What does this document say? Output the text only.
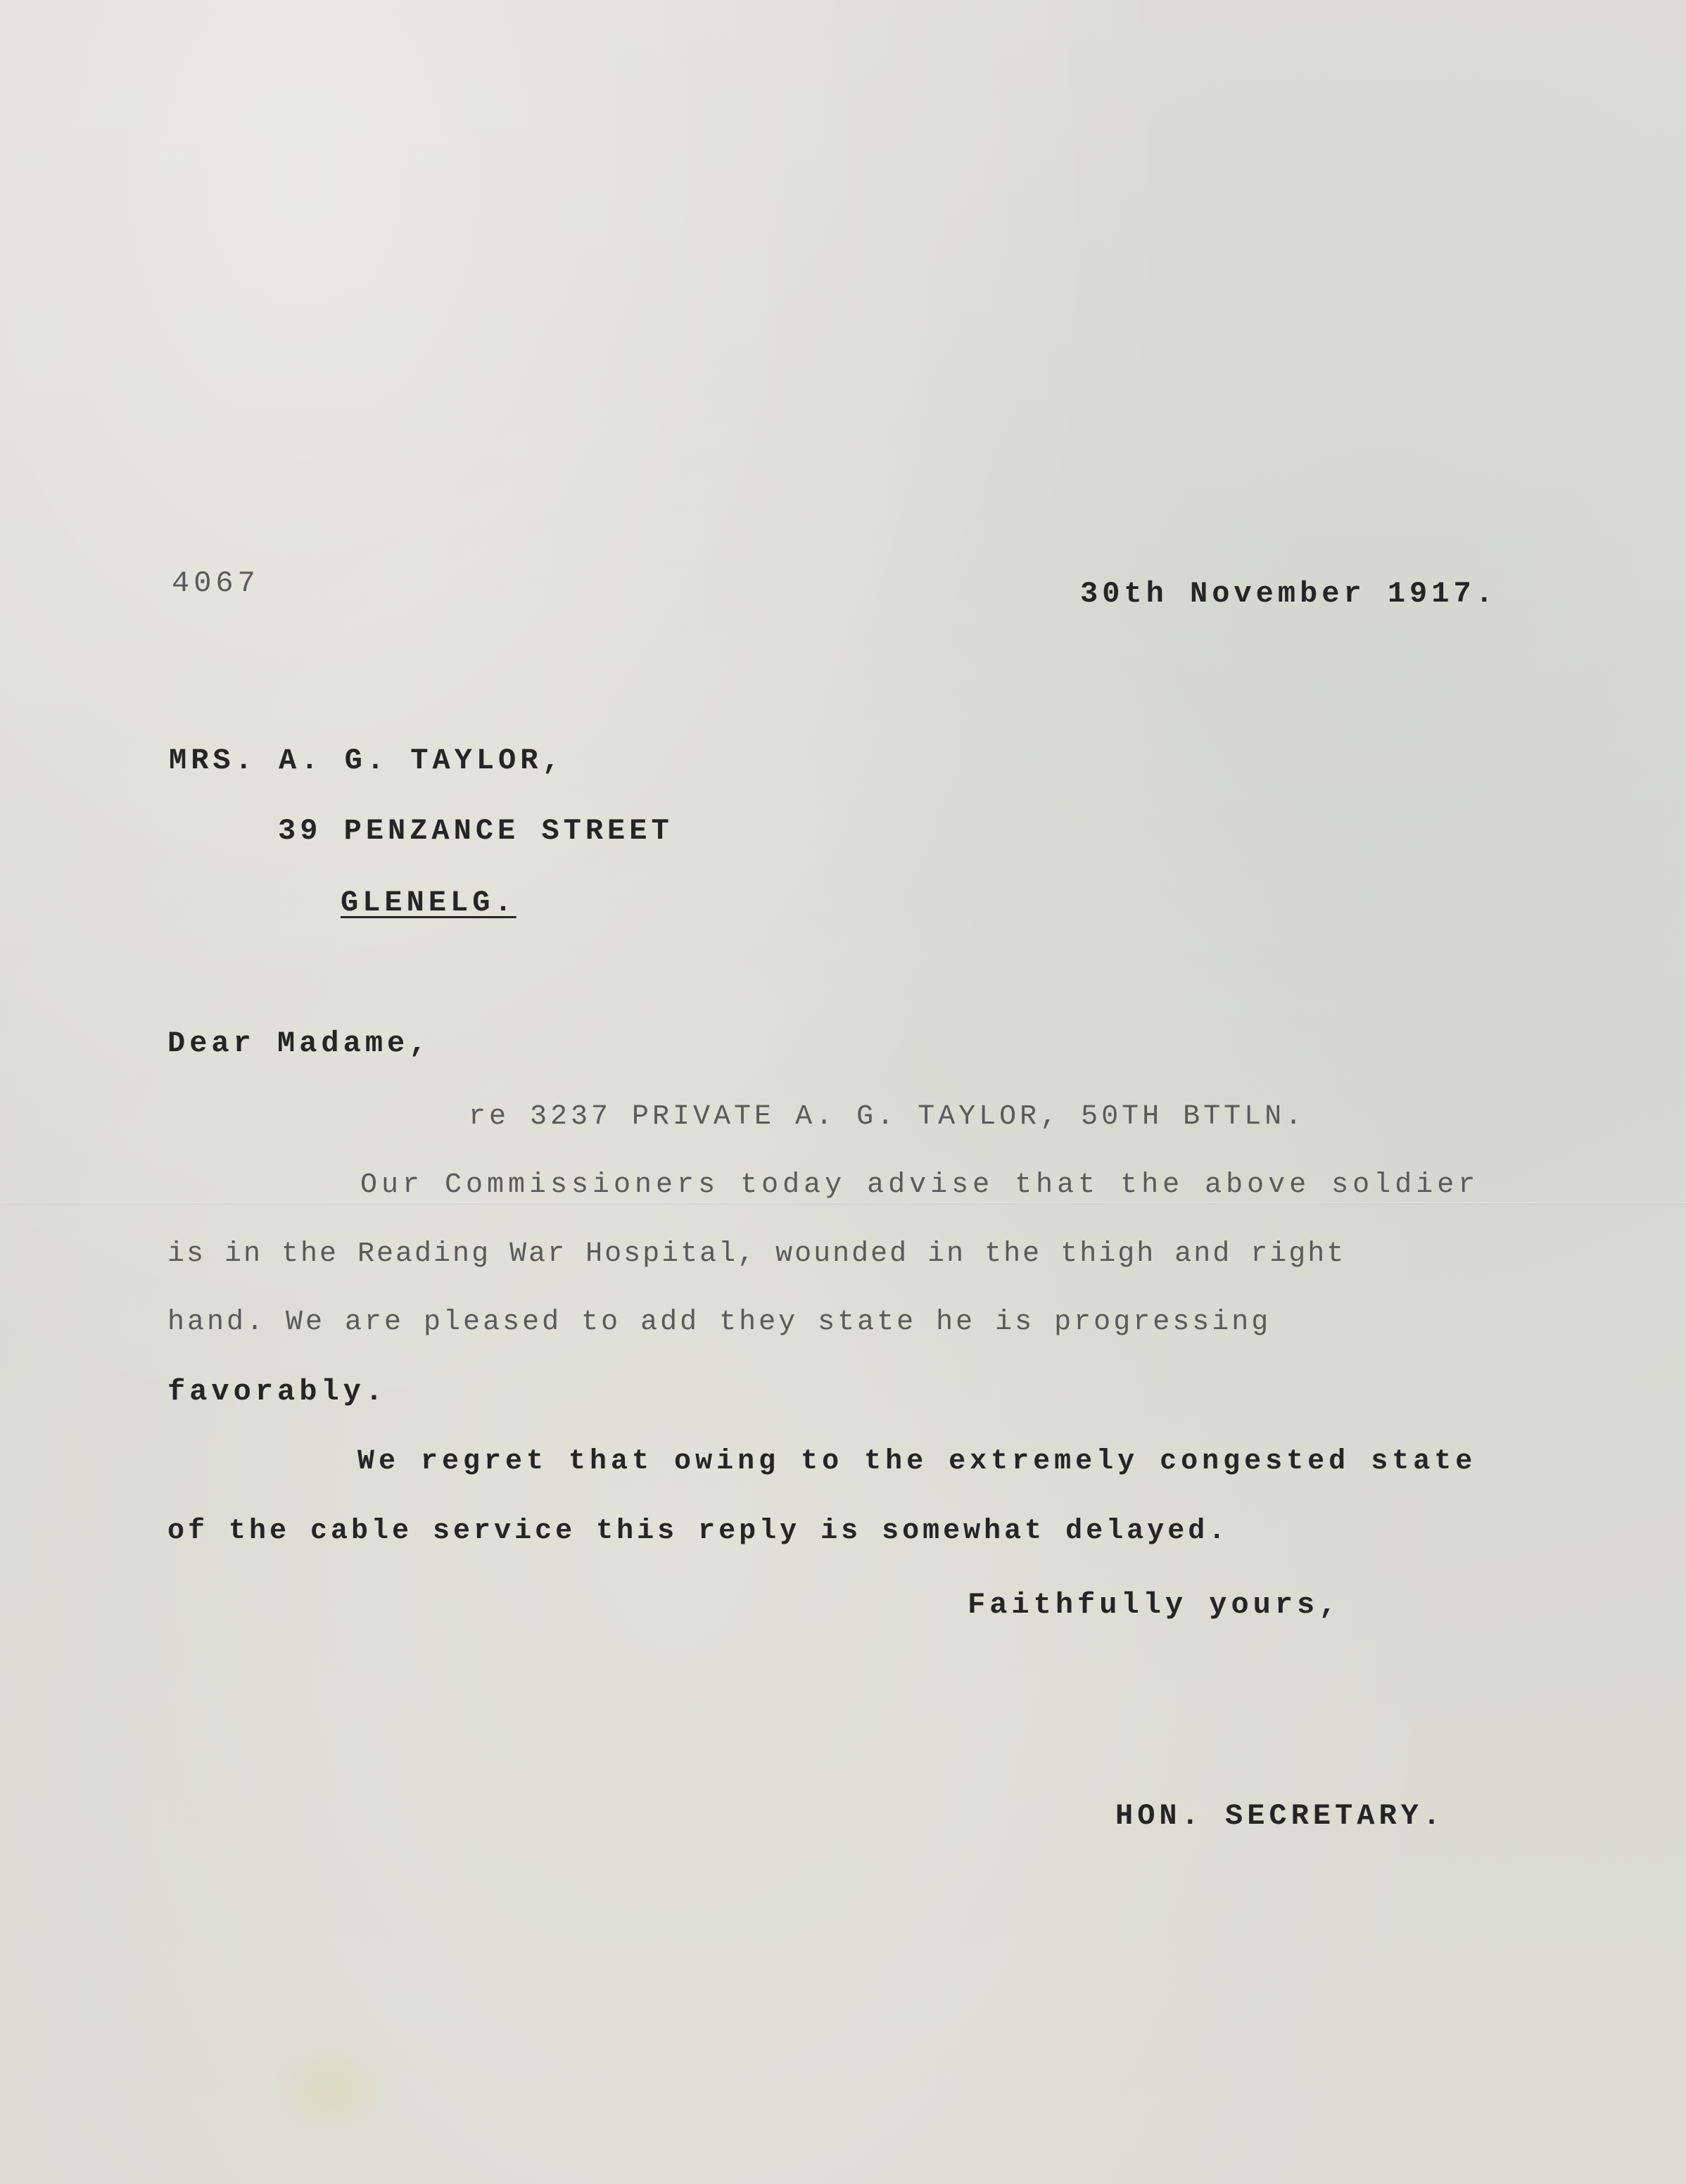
4067	30th November 1917.
MRS. A. G. TAYLOR,
39 PENZANCE STREET
GLENELG.
Dear Madame,
re 3237 PRIVATE A. G. TAYLOR, 50TH BTTLN.
Our Commissioners today advise that the above soldier
is in the Reading War Hospital, wounded in the thigh and right
hand. We are pleased to add they state he is progressing
favorably.
We regret that owing to the extremely congested state
of the cable service this reply is somewhat delayed.
Faithfully yours,
HON. SECRETARY.
